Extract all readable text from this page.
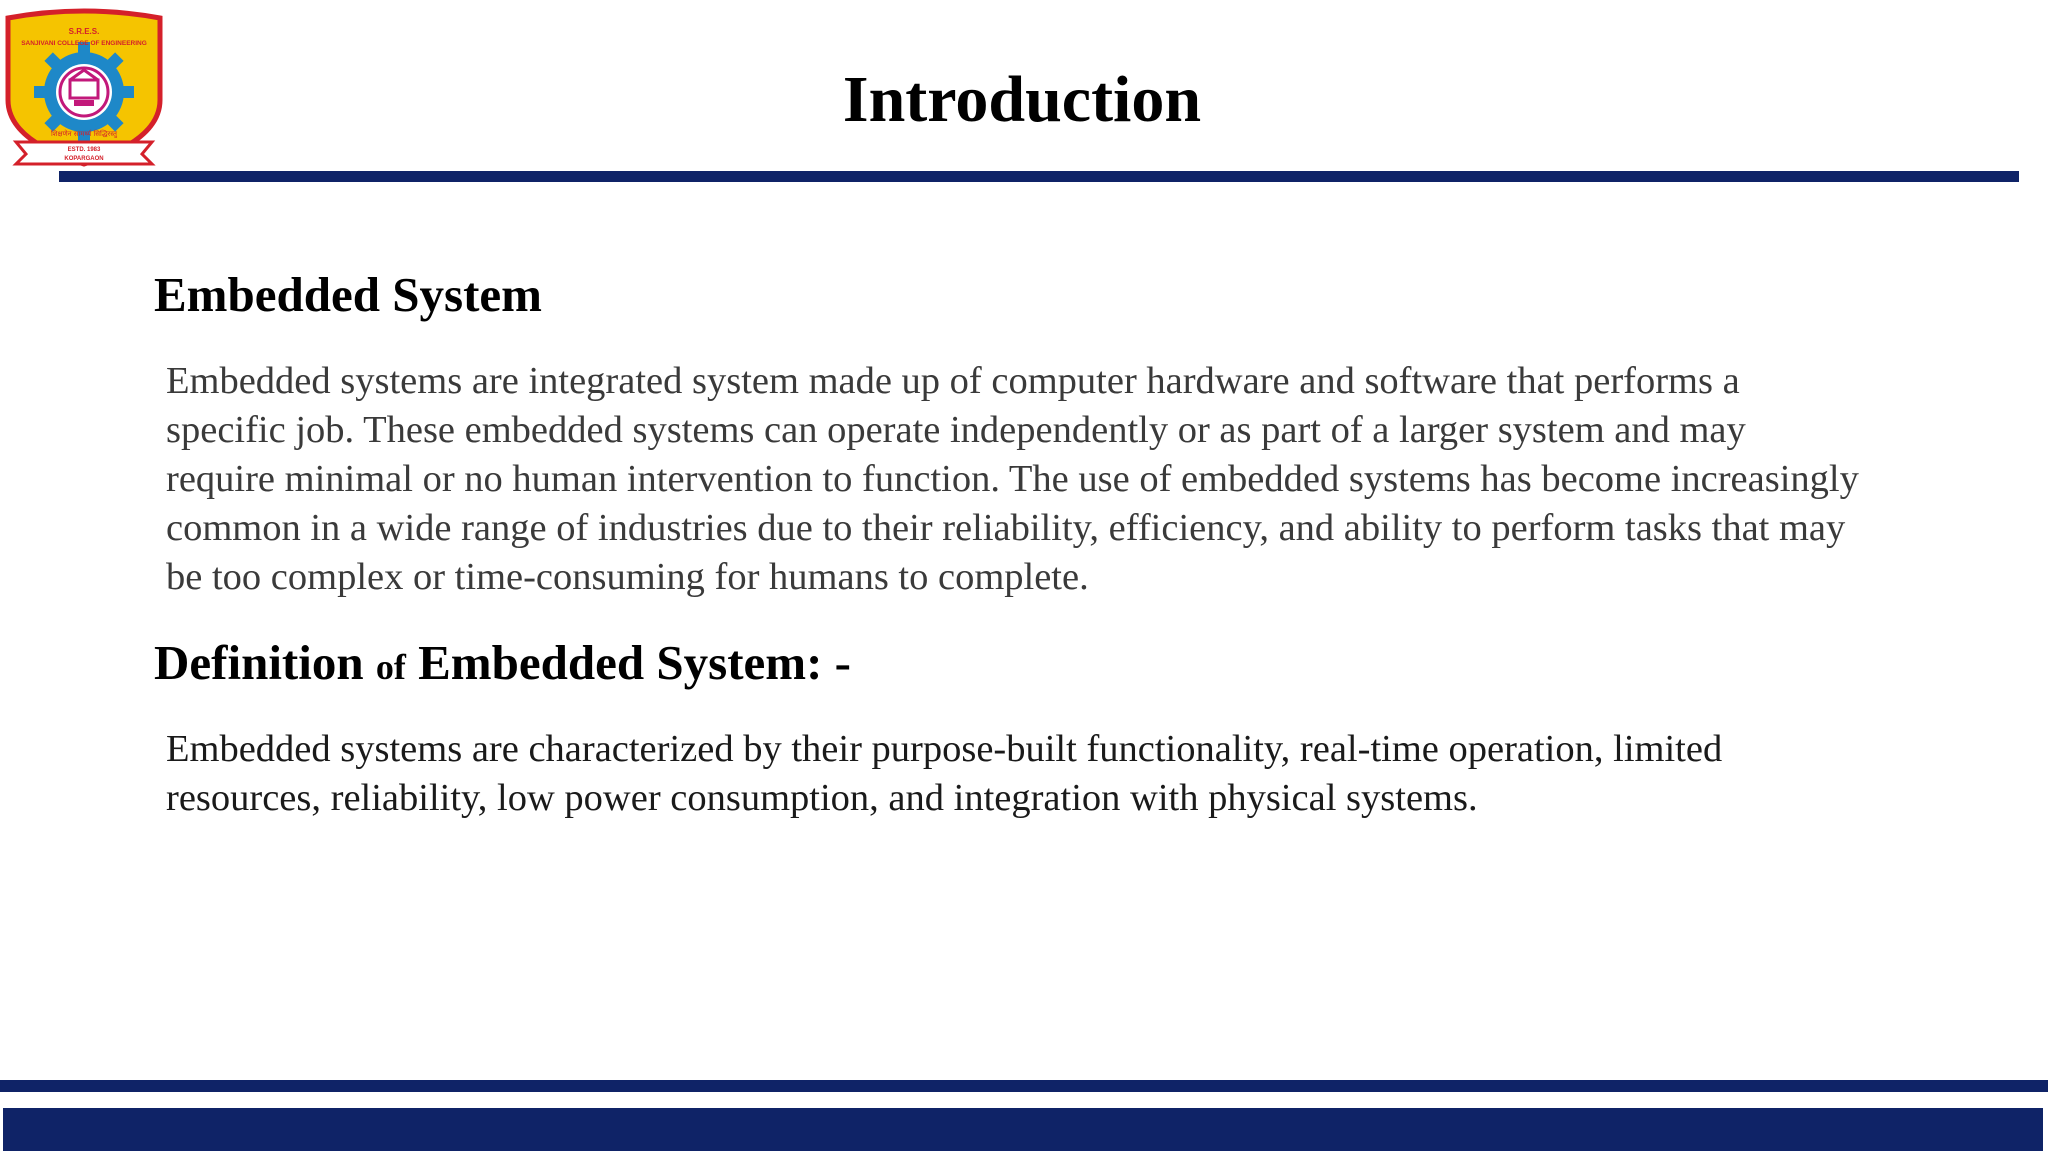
S.R.E.S.
SANJIVANI COLLEGE OF ENGINEERING
शिक्षणेन सामर्थ्य सिद्धिरस्तु
ESTD. 1983
KOPARGAON
Introduction
Embedded System
Embedded systems are integrated system made up of computer hardware and software that performs a
specific job. These embedded systems can operate independently or as part of a larger system and may
require minimal or no human intervention to function. The use of embedded systems has become increasingly
common in a wide range of industries due to their reliability, efficiency, and ability to perform tasks that may
be too complex or time-consuming for humans to complete.
Definition of Embedded System: -
Embedded systems are characterized by their purpose-built functionality, real-time operation, limited
resources, reliability, low power consumption, and integration with physical systems.
